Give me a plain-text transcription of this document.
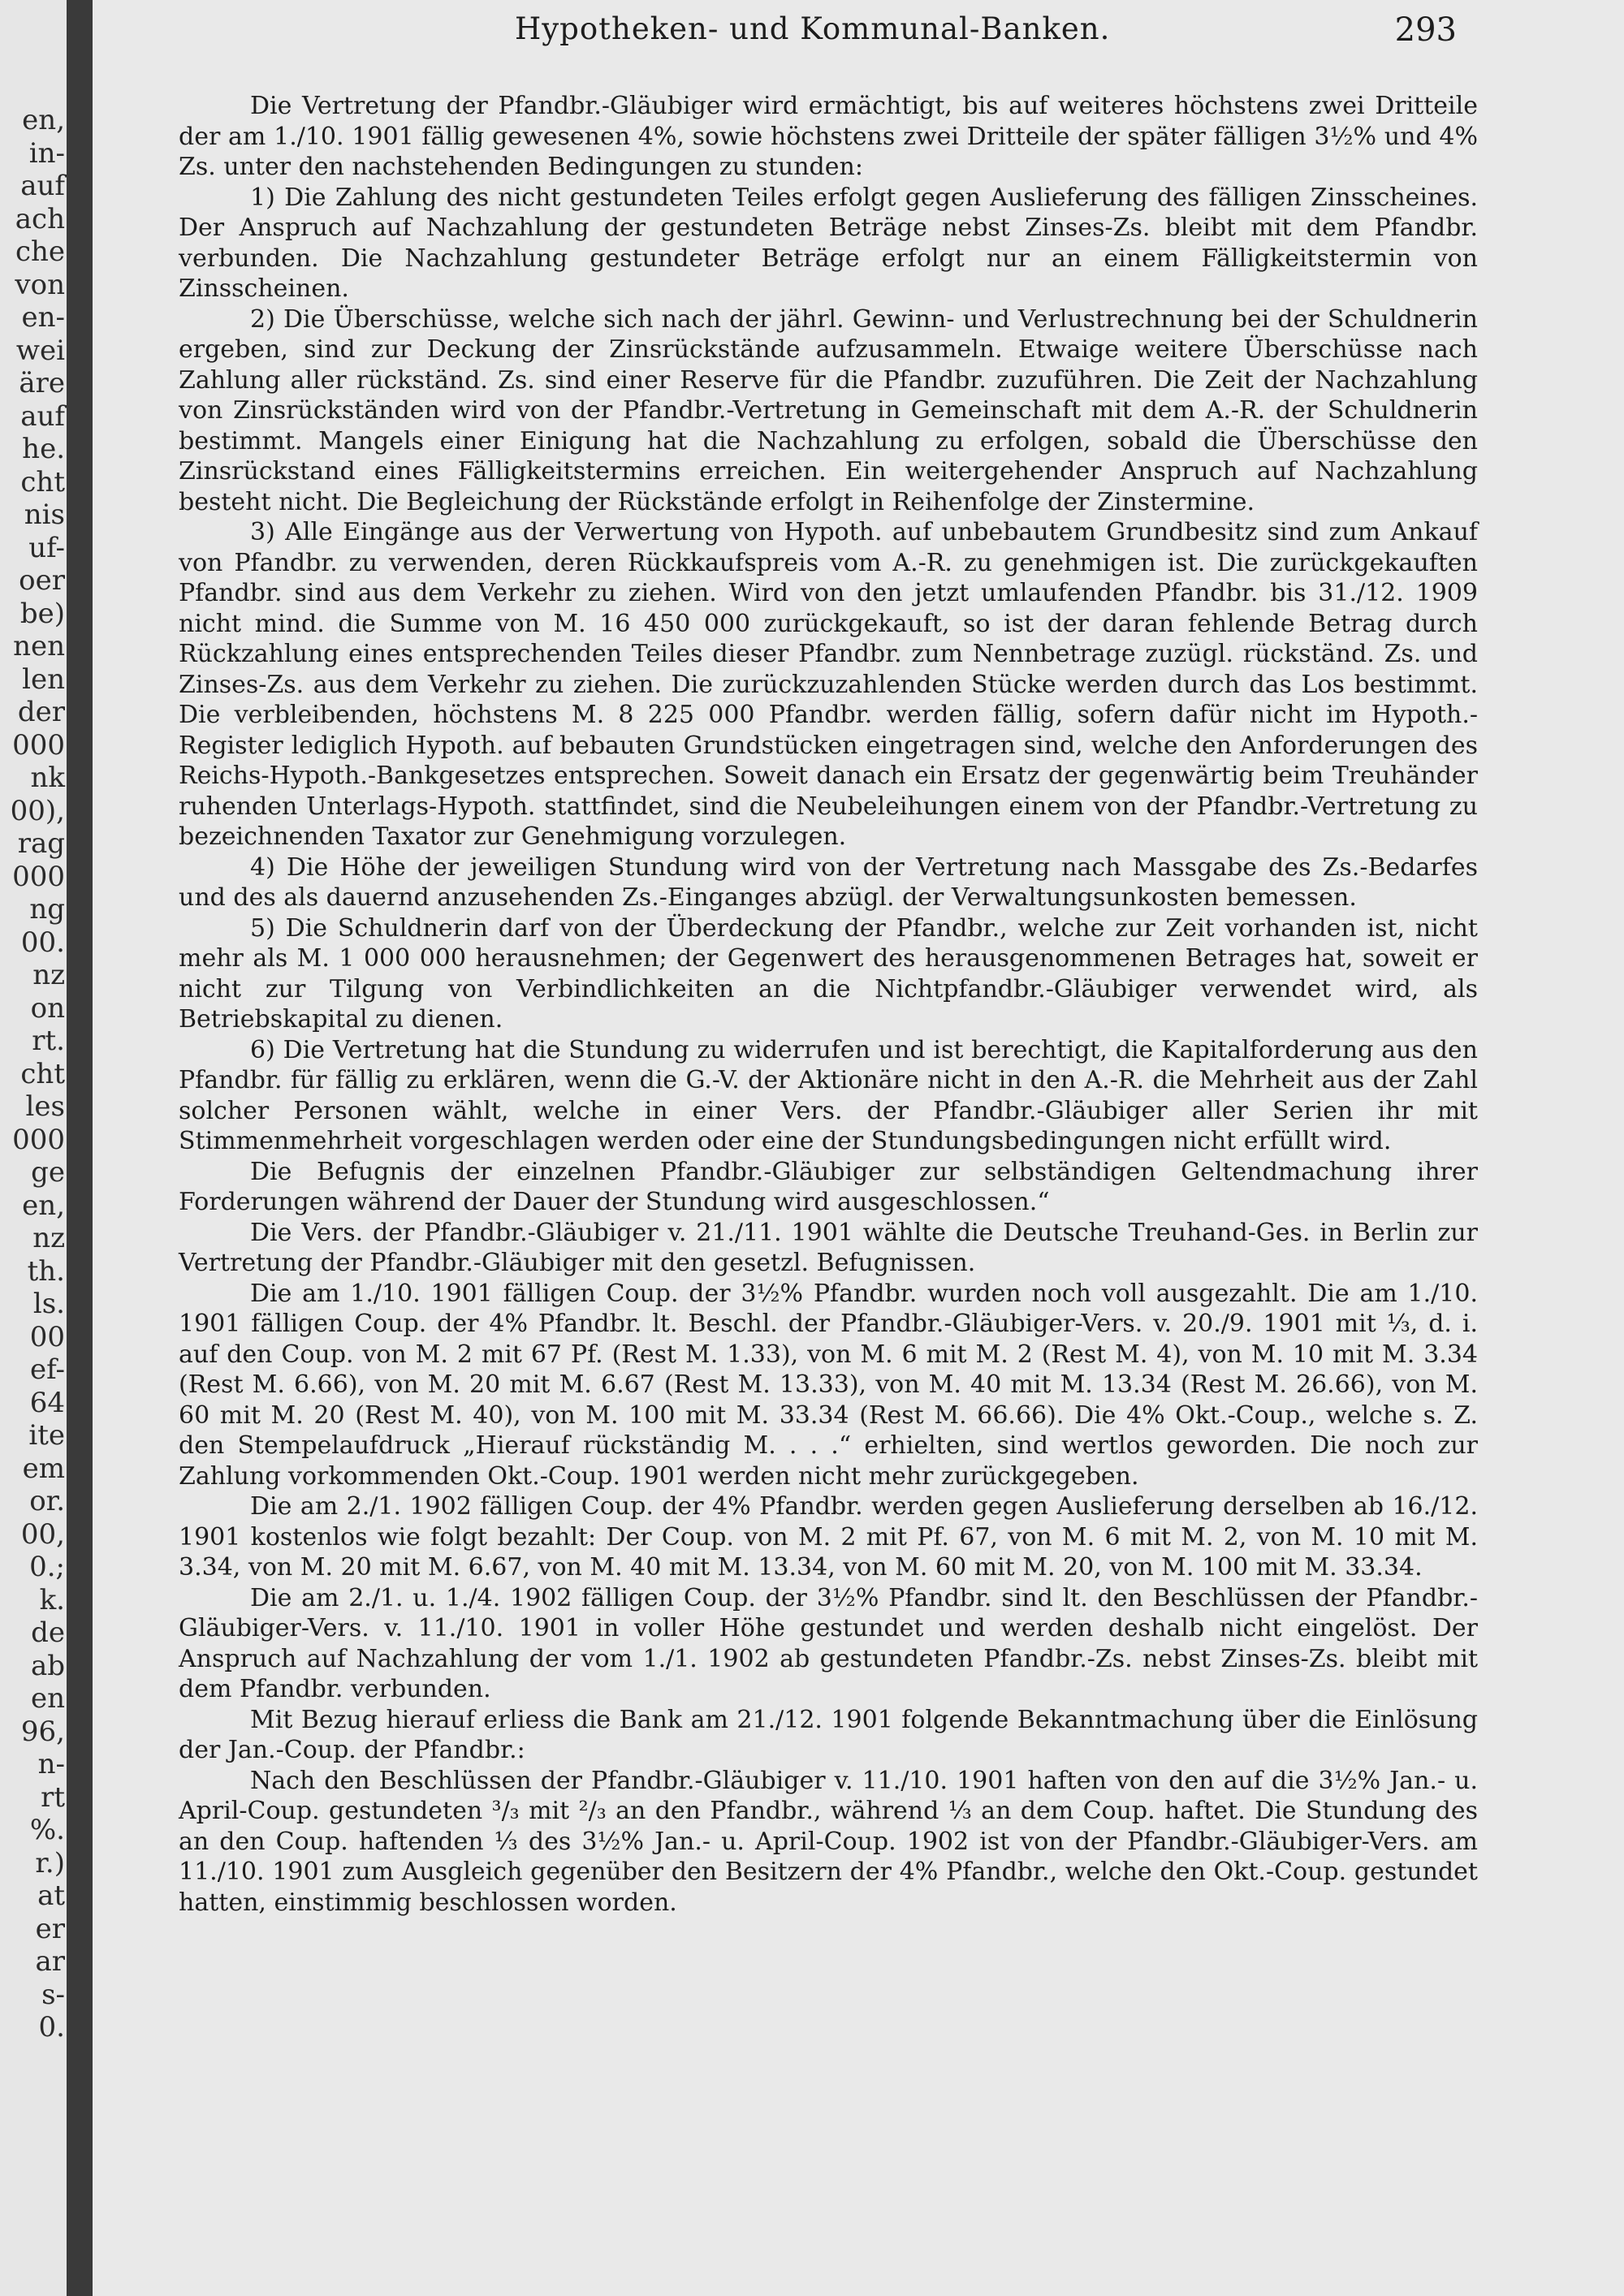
en,
in-
auf
ach
che
von
en-
wei
äre
auf
he.
cht
nis
uf-
oer
be)
nen
len
der
000
nk
00),
rag
000
ng
00.
nz
on
rt.
cht
les
000
ge
en,
nz
th.
ls.
00
ef-
64
ite
em
or.
00,
0.;
k.
de
ab
en
96,
n-
rt
%.
r.)
at
er
ar
s-
0.
Hypotheken- und Kommunal-Banken.	293

Die Vertretung der Pfandbr.-Gläubiger wird ermächtigt, bis auf weiteres höchstens zwei Dritteile der am 1./10. 1901 fällig gewesenen 4%, sowie höchstens zwei Dritteile der später fälligen 3½% und 4% Zs. unter den nachstehenden Bedingungen zu stunden:

1) Die Zahlung des nicht gestundeten Teiles erfolgt gegen Auslieferung des fälligen Zinsscheines. Der Anspruch auf Nachzahlung der gestundeten Beträge nebst Zinses-Zs. bleibt mit dem Pfandbr. verbunden. Die Nachzahlung gestundeter Beträge erfolgt nur an einem Fälligkeitstermin von Zinsscheinen.

2) Die Überschüsse, welche sich nach der jährl. Gewinn- und Verlustrechnung bei der Schuldnerin ergeben, sind zur Deckung der Zinsrückstände aufzusammeln. Etwaige weitere Überschüsse nach Zahlung aller rückständ. Zs. sind einer Reserve für die Pfandbr. zuzuführen. Die Zeit der Nachzahlung von Zinsrückständen wird von der Pfandbr.-Vertretung in Gemeinschaft mit dem A.-R. der Schuldnerin bestimmt. Mangels einer Einigung hat die Nachzahlung zu erfolgen, sobald die Überschüsse den Zinsrückstand eines Fälligkeitstermins erreichen. Ein weitergehender Anspruch auf Nachzahlung besteht nicht. Die Begleichung der Rückstände erfolgt in Reihenfolge der Zinstermine.

3) Alle Eingänge aus der Verwertung von Hypoth. auf unbebautem Grundbesitz sind zum Ankauf von Pfandbr. zu verwenden, deren Rückkaufspreis vom A.-R. zu genehmigen ist. Die zurückgekauften Pfandbr. sind aus dem Verkehr zu ziehen. Wird von den jetzt umlaufenden Pfandbr. bis 31./12. 1909 nicht mind. die Summe von M. 16 450 000 zurückgekauft, so ist der daran fehlende Betrag durch Rückzahlung eines entsprechenden Teiles dieser Pfandbr. zum Nennbetrage zuzügl. rückständ. Zs. und Zinses-Zs. aus dem Verkehr zu ziehen. Die zurückzuzahlenden Stücke werden durch das Los bestimmt. Die verbleibenden, höchstens M. 8 225 000 Pfandbr. werden fällig, sofern dafür nicht im Hypoth.-Register lediglich Hypoth. auf bebauten Grundstücken eingetragen sind, welche den Anforderungen des Reichs-Hypoth.-Bankgesetzes entsprechen. Soweit danach ein Ersatz der gegenwärtig beim Treuhänder ruhenden Unterlags-Hypoth. stattfindet, sind die Neubeleihungen einem von der Pfandbr.-Vertretung zu bezeichnenden Taxator zur Genehmigung vorzulegen.

4) Die Höhe der jeweiligen Stundung wird von der Vertretung nach Massgabe des Zs.-Bedarfes und des als dauernd anzusehenden Zs.-Einganges abzügl. der Verwaltungsunkosten bemessen.

5) Die Schuldnerin darf von der Überdeckung der Pfandbr., welche zur Zeit vorhanden ist, nicht mehr als M. 1 000 000 herausnehmen; der Gegenwert des herausgenommenen Betrages hat, soweit er nicht zur Tilgung von Verbindlichkeiten an die Nichtpfandbr.-Gläubiger verwendet wird, als Betriebskapital zu dienen.

6) Die Vertretung hat die Stundung zu widerrufen und ist berechtigt, die Kapitalforderung aus den Pfandbr. für fällig zu erklären, wenn die G.-V. der Aktionäre nicht in den A.-R. die Mehrheit aus der Zahl solcher Personen wählt, welche in einer Vers. der Pfandbr.-Gläubiger aller Serien ihr mit Stimmenmehrheit vorgeschlagen werden oder eine der Stundungsbedingungen nicht erfüllt wird.

Die Befugnis der einzelnen Pfandbr.-Gläubiger zur selbständigen Geltendmachung ihrer Forderungen während der Dauer der Stundung wird ausgeschlossen.“

Die Vers. der Pfandbr.-Gläubiger v. 21./11. 1901 wählte die Deutsche Treuhand-Ges. in Berlin zur Vertretung der Pfandbr.-Gläubiger mit den gesetzl. Befugnissen.

Die am 1./10. 1901 fälligen Coup. der 3½% Pfandbr. wurden noch voll ausgezahlt. Die am 1./10. 1901 fälligen Coup. der 4% Pfandbr. lt. Beschl. der Pfandbr.-Gläubiger-Vers. v. 20./9. 1901 mit ⅓, d. i. auf den Coup. von M. 2 mit 67 Pf. (Rest M. 1.33), von M. 6 mit M. 2 (Rest M. 4), von M. 10 mit M. 3.34 (Rest M. 6.66), von M. 20 mit M. 6.67 (Rest M. 13.33), von M. 40 mit M. 13.34 (Rest M. 26.66), von M. 60 mit M. 20 (Rest M. 40), von M. 100 mit M. 33.34 (Rest M. 66.66). Die 4% Okt.-Coup., welche s. Z. den Stempelaufdruck „Hierauf rückständig M. . . .“ erhielten, sind wertlos geworden. Die noch zur Zahlung vorkommenden Okt.-Coup. 1901 werden nicht mehr zurückgegeben.

Die am 2./1. 1902 fälligen Coup. der 4% Pfandbr. werden gegen Auslieferung derselben ab 16./12. 1901 kostenlos wie folgt bezahlt: Der Coup. von M. 2 mit Pf. 67, von M. 6 mit M. 2, von M. 10 mit M. 3.34, von M. 20 mit M. 6.67, von M. 40 mit M. 13.34, von M. 60 mit M. 20, von M. 100 mit M. 33.34.

Die am 2./1. u. 1./4. 1902 fälligen Coup. der 3½% Pfandbr. sind lt. den Beschlüssen der Pfandbr.-Gläubiger-Vers. v. 11./10. 1901 in voller Höhe gestundet und werden deshalb nicht eingelöst. Der Anspruch auf Nachzahlung der vom 1./1. 1902 ab gestundeten Pfandbr.-Zs. nebst Zinses-Zs. bleibt mit dem Pfandbr. verbunden.

Mit Bezug hierauf erliess die Bank am 21./12. 1901 folgende Bekanntmachung über die Einlösung der Jan.-Coup. der Pfandbr.:

Nach den Beschlüssen der Pfandbr.-Gläubiger v. 11./10. 1901 haften von den auf die 3½% Jan.- u. April-Coup. gestundeten ³/₃ mit ²/₃ an den Pfandbr., während ⅓ an dem Coup. haftet. Die Stundung des an den Coup. haftenden ⅓ des 3½% Jan.- u. April-Coup. 1902 ist von der Pfandbr.-Gläubiger-Vers. am 11./10. 1901 zum Ausgleich gegenüber den Besitzern der 4% Pfandbr., welche den Okt.-Coup. gestundet hatten, einstimmig beschlossen worden.
